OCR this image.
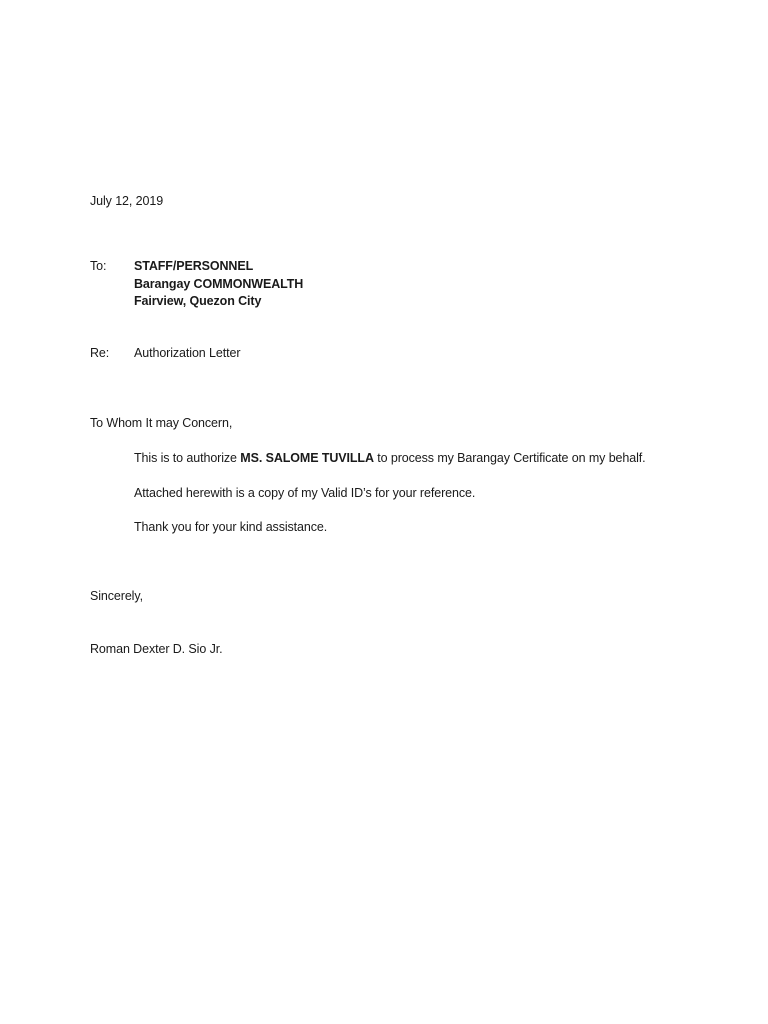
July 12, 2019
To: STAFF/PERSONNEL
Barangay COMMONWEALTH
Fairview, Quezon City
Re: Authorization Letter
To Whom It may Concern,
This is to authorize MS. SALOME TUVILLA to process my Barangay Certificate on my behalf.
Attached herewith is a copy of my Valid ID’s for your reference.
Thank you for your kind assistance.
Sincerely,
Roman Dexter D. Sio Jr.
